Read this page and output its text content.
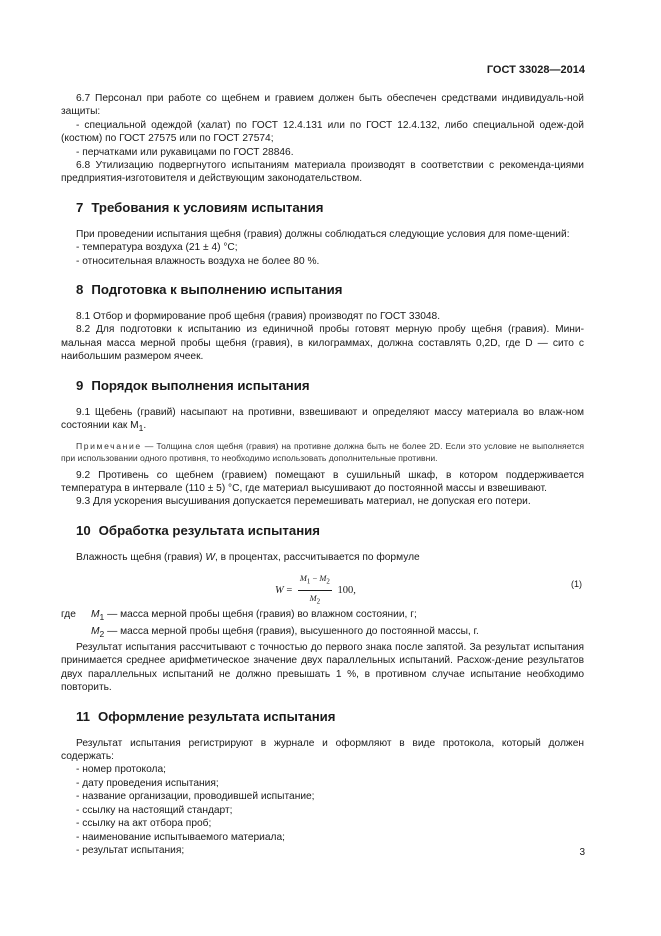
ГОСТ 33028—2014

6.7 Персонал при работе со щебнем и гравием должен быть обеспечен средствами индивидуаль-ной защиты:

- специальной одеждой (халат) по ГОСТ 12.4.131 или по ГОСТ 12.4.132, либо специальной одеж-дой (костюм) по ГОСТ 27575 или по ГОСТ 27574;

- перчатками или рукавицами по ГОСТ 28846.

6.8 Утилизацию подвергнутого испытаниям материала производят в соответствии с рекоменда-циями предприятия-изготовителя и действующим законодательством.

7 Требования к условиям испытания

При проведении испытания щебня (гравия) должны соблюдаться следующие условия для поме-щений:

- температура воздуха (21 ± 4) °С;

- относительная влажность воздуха не более 80 %.

8 Подготовка к выполнению испытания

8.1 Отбор и формирование проб щебня (гравия) производят по ГОСТ 33048.

8.2 Для подготовки к испытанию из единичной пробы готовят мерную пробу щебня (гравия). Мини-мальная масса мерной пробы щебня (гравия), в килограммах, должна составлять 0,2D, где D — сито с наибольшим размером ячеек.

9 Порядок выполнения испытания

9.1 Щебень (гравий) насыпают на противни, взвешивают и определяют массу материала во влаж-ном состоянии как $M_1$.

Примечание — Толщина слоя щебня (гравия) на противне должна быть не более 2D. Если это условие не выполняется при использовании одного противня, то необходимо использовать дополнительные противни.

9.2 Противень со щебнем (гравием) помещают в сушильный шкаф, в котором поддерживается температура в интервале (110 ± 5) °С, где материал высушивают до постоянной массы и взвешивают.

9.3 Для ускорения высушивания допускается перемешивать материал, не допуская его потери.

10 Обработка результата испытания

Влажность щебня (гравия) W, в процентах, рассчитывается по формуле

$W = \frac{M_1 - M_2}{M_2} 100$,
(1)
где	$M_1$ — масса мерной пробы щебня (гравия) во влажном состоянии, г;
$M_2$ — масса мерной пробы щебня (гравия), высушенного до постоянной массы, г.

Результат испытания рассчитывают с точностью до первого знака после запятой. За результат испытания принимается среднее арифметическое значение двух параллельных испытаний. Расхож-дение результатов двух параллельных испытаний не должно превышать 1 %, в противном случае испытание необходимо повторить.

11 Оформление результата испытания

Результат испытания регистрируют в журнале и оформляют в виде протокола, который должен содержать:

- номер протокола;

- дату проведения испытания;

- название организации, проводившей испытание;

- ссылку на настоящий стандарт;

- ссылку на акт отбора проб;

- наименование испытываемого материала;

- результат испытания;	3
